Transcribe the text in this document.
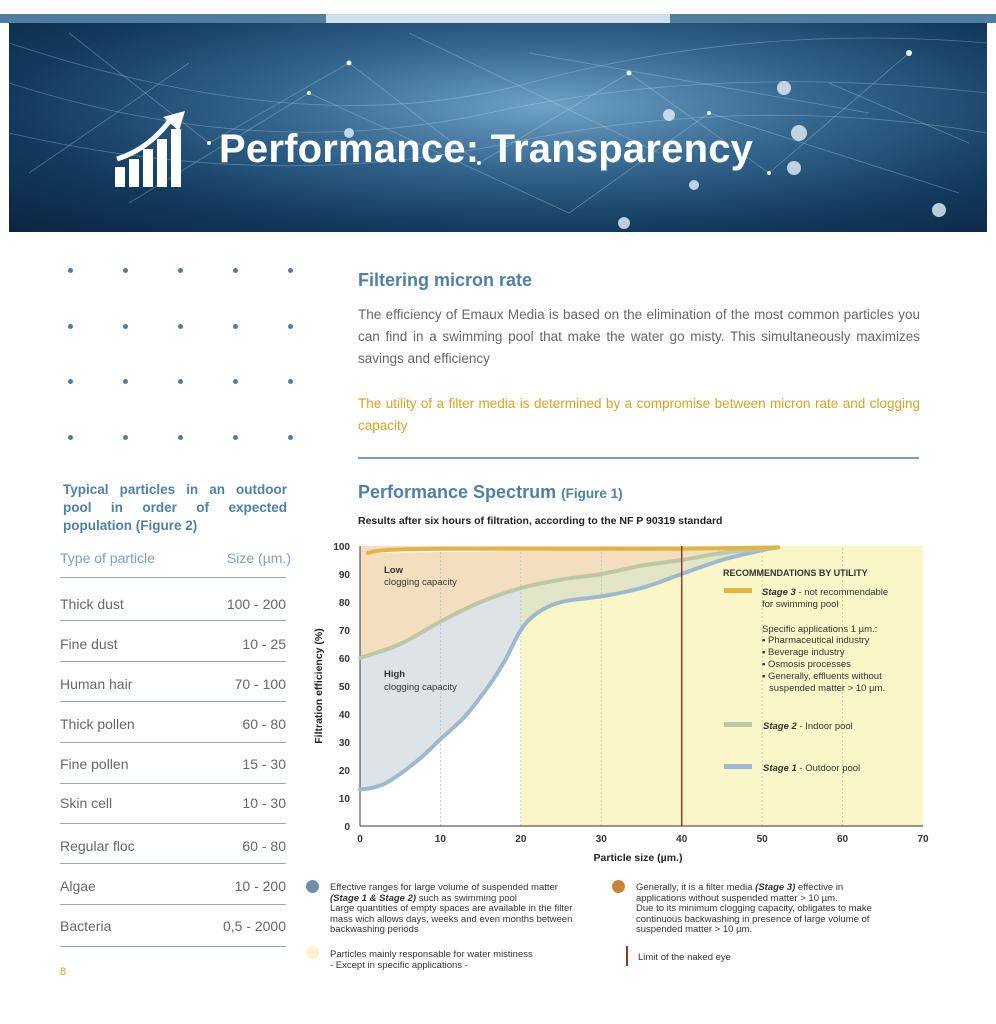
Performance: Transparency
Filtering micron rate
The efficiency of Emaux Media is based on the elimination of the most common particles you can find in a swimming pool that make the water go misty. This simultaneously maximizes savings and efficiency
The utility of a filter media is determined by a compromise between micron rate and clogging capacity
Performance Spectrum (Figure 1)
Results after six hours of filtration, according to the NF P 90319 standard
Typical particles in an outdoor pool in order of expected population (Figure 2)
Type of particle	Size (µm.)
Thick dust	100 - 200
Fine dust	10 - 25
Human hair	70 - 100
Thick pollen	60 - 80
Fine pollen	15 - 30
Skin cell	10 - 30
Regular floc	60 - 80
Algae	10 - 200
Bacteria	0,5 - 2000
8
0	10	20	30	40	50	60	70
0
10
20
30
40
50
60
70
80
90
100
Particle size (µm.)
Filtration efficiency (%)
Low
clogging capacity
High
clogging capacity
RECOMMENDATIONS BY UTILITY
Stage 3 - not recommendable
for swimming pool
Specific applications 1 µm.:
▪ Pharmaceutical industry
▪ Beverage industry
▪ Osmosis processes
▪ Generally, effluents without
suspended matter > 10 µm.
Stage 2 - Indoor pool
Stage 1 - Outdoor pool
Effective ranges for large volume of suspended matter
(Stage 1 & Stage 2) such as swimming pool
Large quantities of empty spaces are available in the filter
mass wich allows days, weeks and even months between
backwashing periods
Generally, it is a filter media (Stage 3) effective in
applications without suspended matter > 10 µm.
Due to its minimum clogging capacity, obligates to make
continuous backwashing in presence of large volume of
suspended matter > 10 µm.
Particles mainly responsable for water mistiness
- Except in specific applications -
Limit of the naked eye
